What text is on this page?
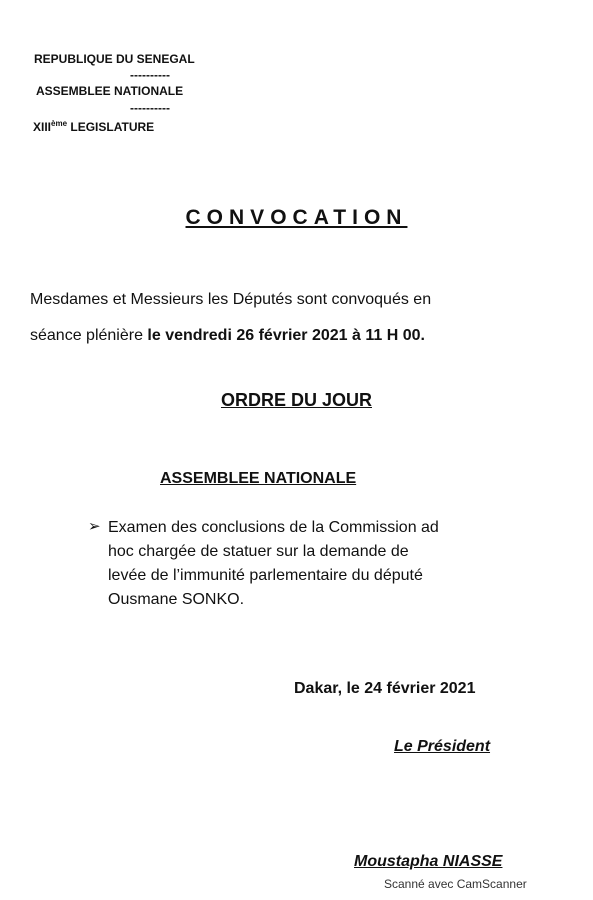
REPUBLIQUE DU SENEGAL
----------
ASSEMBLEE NATIONALE
----------
XIIIème LEGISLATURE
CONVOCATION
Mesdames et Messieurs les Députés sont convoqués en
séance plénière le vendredi 26 février 2021 à 11 H 00.
ORDRE DU JOUR
ASSEMBLEE NATIONALE
➢ Examen des conclusions de la Commission ad
hoc chargée de statuer sur la demande de
levée de l’immunité parlementaire du député
Ousmane SONKO.
Dakar, le 24 février 2021
Le Président
Moustapha NIASSE
Scanné avec CamScanner
